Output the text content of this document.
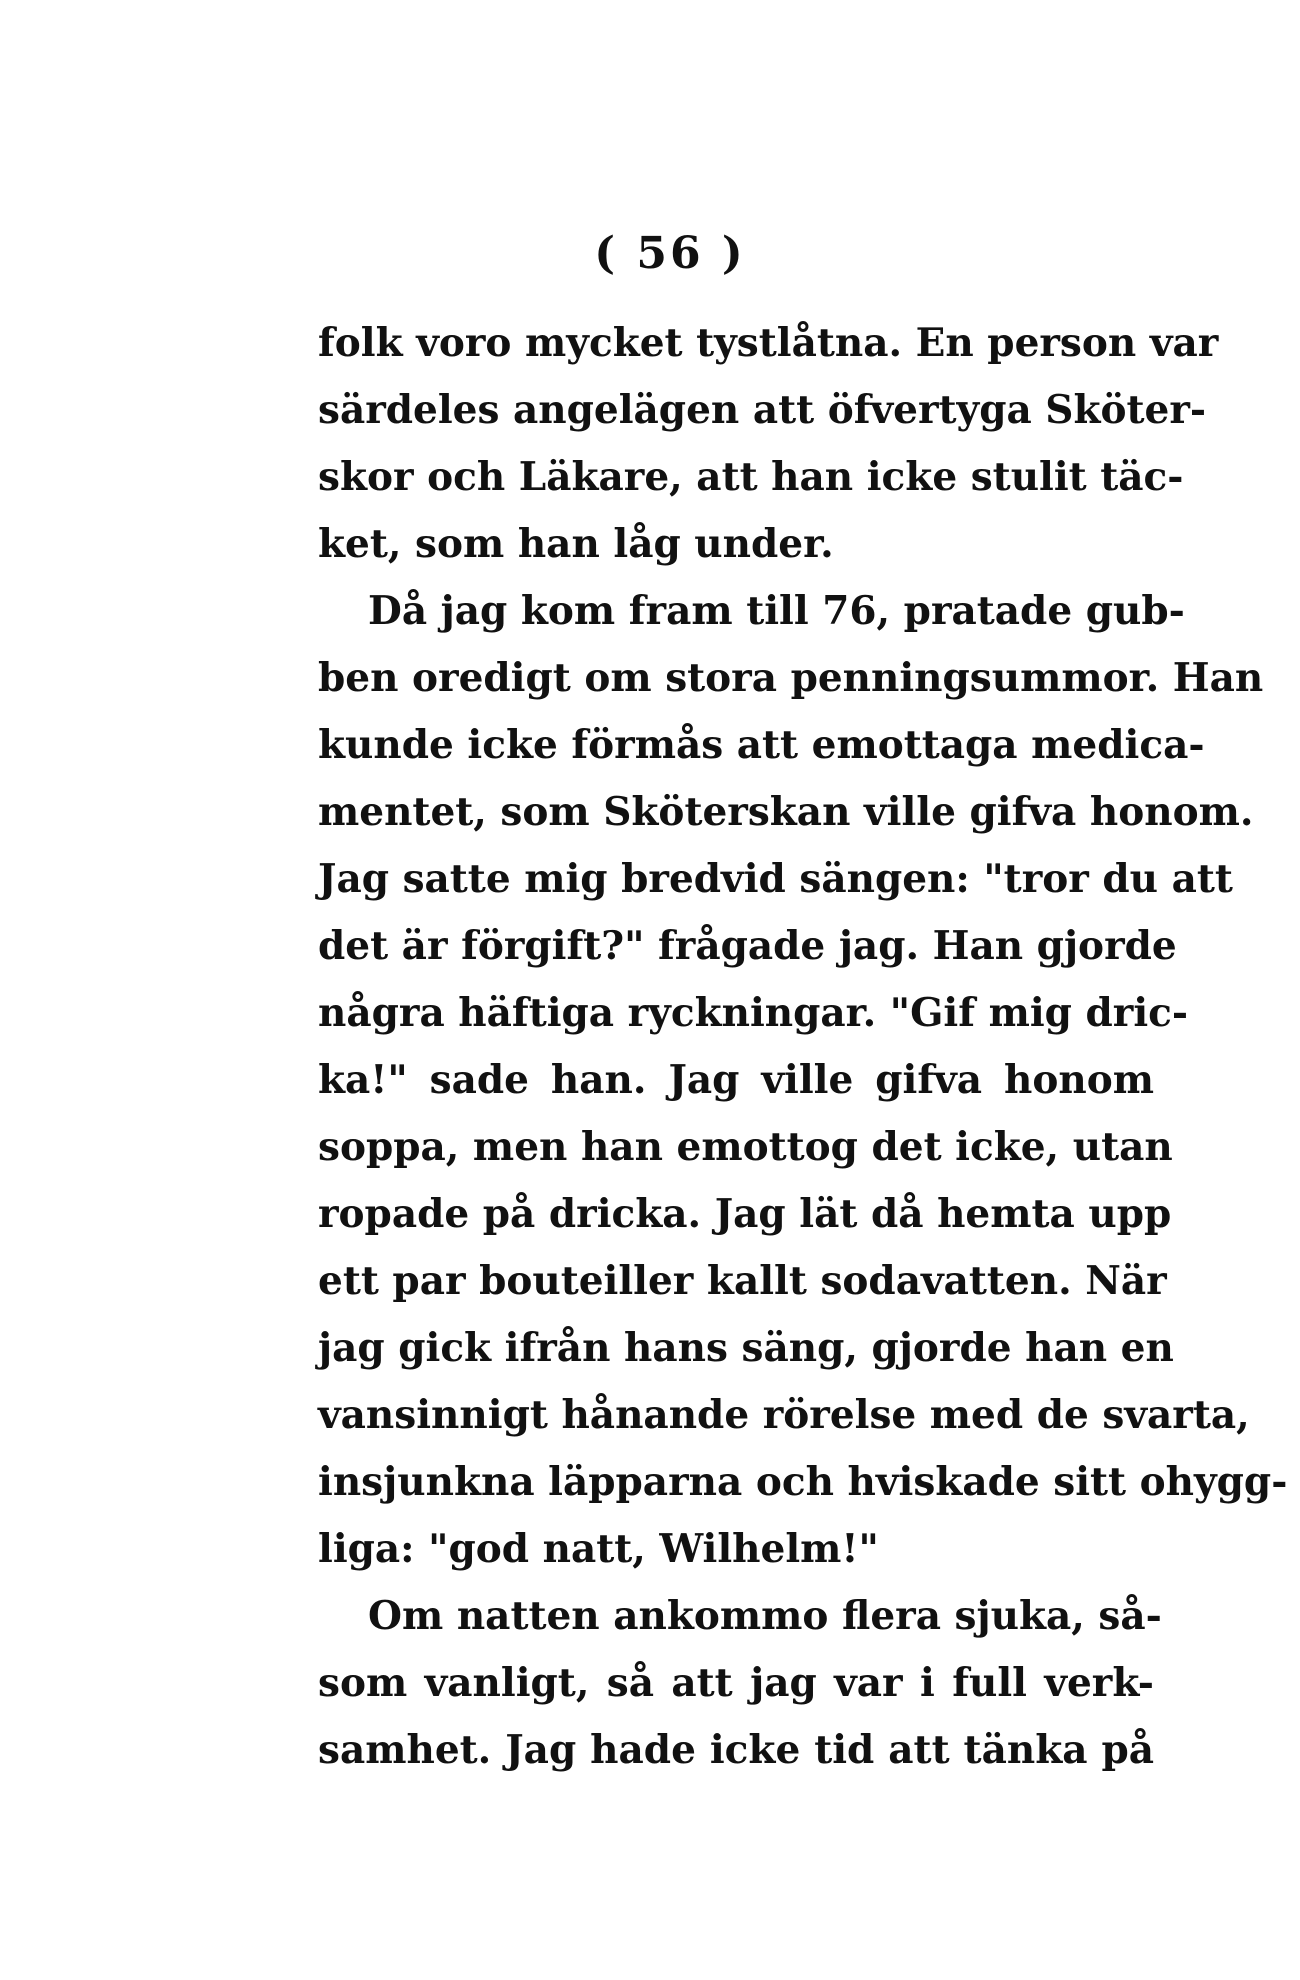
( 56 )
folk voro mycket tystlåtna. En person var
särdeles angelägen att öfvertyga Sköter-
skor och Läkare, att han icke stulit täc-
ket, som han låg under.
Då jag kom fram till 76, pratade gub-
ben oredigt om stora penningsummor. Han
kunde icke förmås att emottaga medica-
mentet, som Sköterskan ville gifva honom.
Jag satte mig bredvid sängen: "tror du att
det är förgift?" frågade jag. Han gjorde
några häftiga ryckningar. "Gif mig dric-
ka!" sade han. Jag ville gifva honom
soppa, men han emottog det icke, utan
ropade på dricka. Jag lät då hemta upp
ett par bouteiller kallt sodavatten. När
jag gick ifrån hans säng, gjorde han en
vansinnigt hånande rörelse med de svarta,
insjunkna läpparna och hviskade sitt ohygg-
liga: "god natt, Wilhelm!"
Om natten ankommo flera sjuka, så-
som vanligt, så att jag var i full verk-
samhet. Jag hade icke tid att tänka på
